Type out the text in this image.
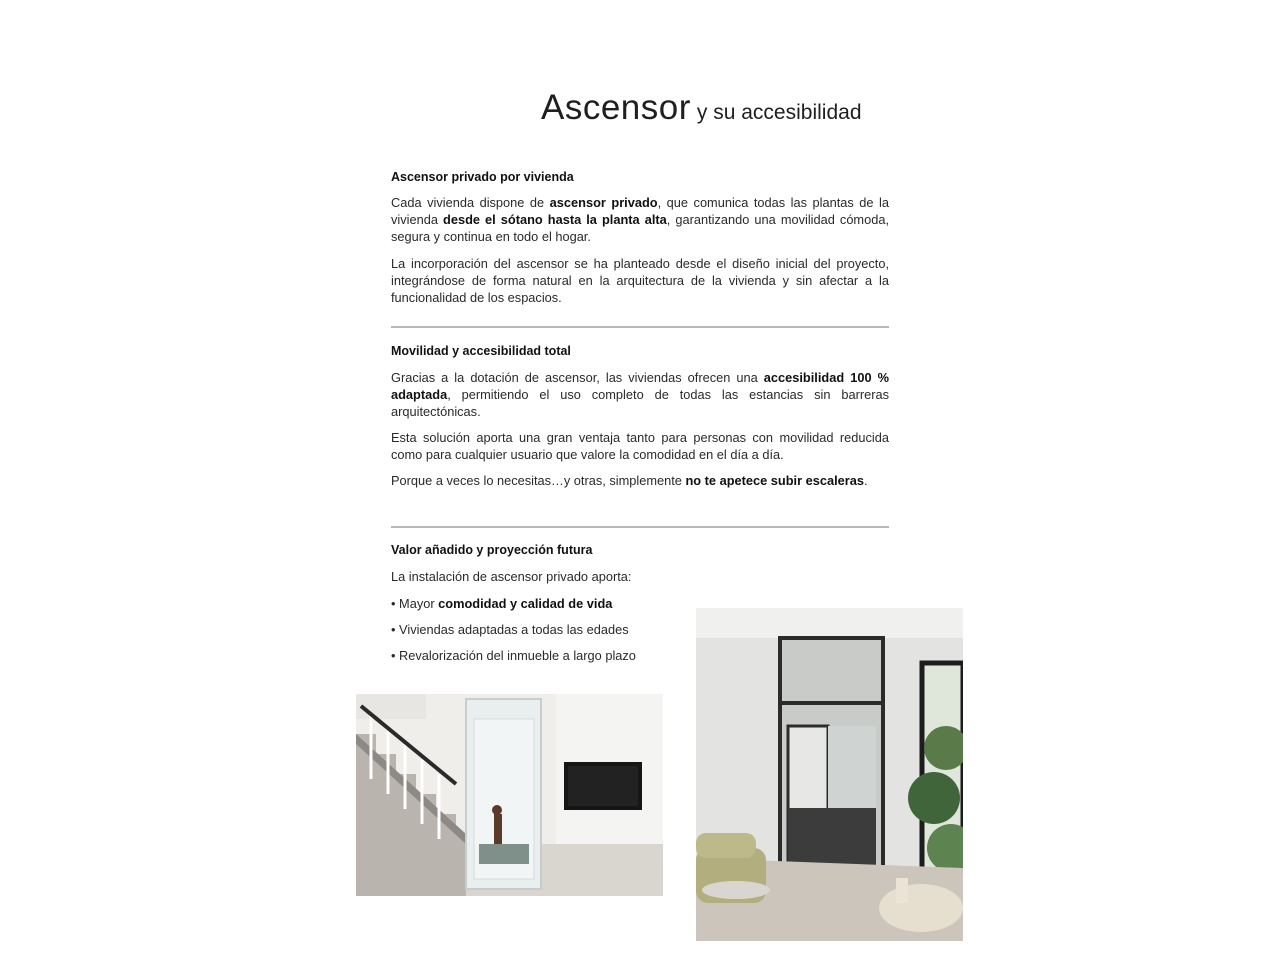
Ascensor y su accesibilidad

Ascensor privado por vivienda

Cada vivienda dispone de ascensor privado, que comunica todas las plantas de la vivienda desde el sótano hasta la planta alta, garantizando una movilidad cómoda, segura y continua en todo el hogar.

La incorporación del ascensor se ha planteado desde el diseño inicial del proyecto, integrándose de forma natural en la arquitectura de la vivienda y sin afectar a la funcionalidad de los espacios.

Movilidad y accesibilidad total

Gracias a la dotación de ascensor, las viviendas ofrecen una accesibilidad 100 % adaptada, permitiendo el uso completo de todas las estancias sin barreras arquitectónicas.

Esta solución aporta una gran ventaja tanto para personas con movilidad reducida como para cualquier usuario que valore la comodidad en el día a día.

Porque a veces lo necesitas…y otras, simplemente no te apetece subir escaleras.

Valor añadido y proyección futura

La instalación de ascensor privado aporta:

• Mayor comodidad y calidad de vida
• Viviendas adaptadas a todas las edades
• Revalorización del inmueble a largo plazo
